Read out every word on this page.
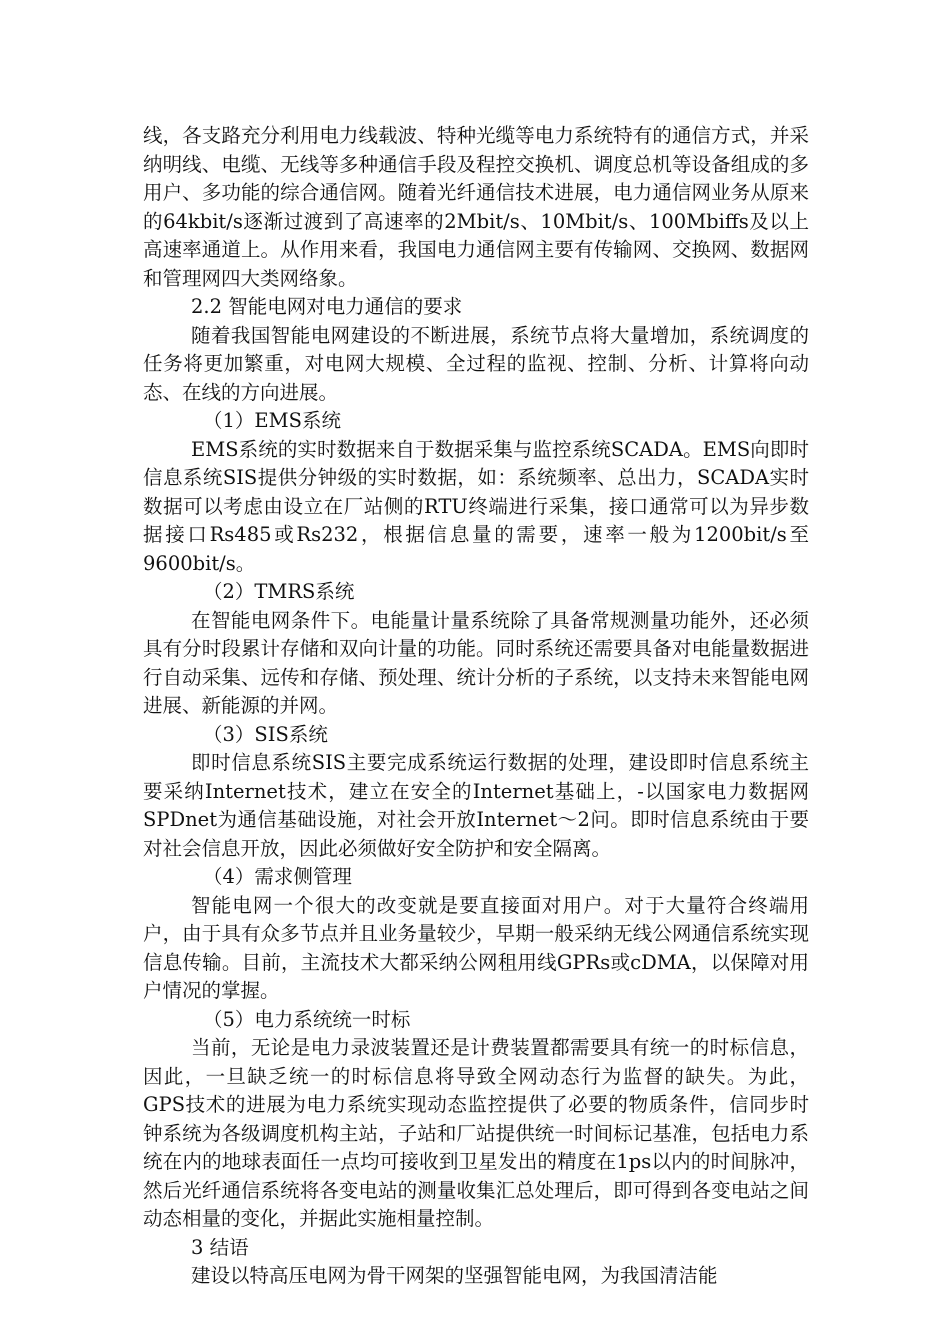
线，各支路充分利用电力线载波、特种光缆等电力系统特有的通信方式，并采纳明线、电缆、无线等多种通信手段及程控交换机、调度总机等设备组成的多用户、多功能的综合通信网。随着光纤通信技术进展，电力通信网业务从原来的64kbit/s逐渐过渡到了高速率的2Mbit/s、10Mbit/s、100Mbiffs及以上高速率通道上。从作用来看，我国电力通信网主要有传输网、交换网、数据网和管理网四大类网络象。

2.2 智能电网对电力通信的要求

随着我国智能电网建设的不断进展，系统节点将大量增加，系统调度的任务将更加繁重，对电网大规模、全过程的监视、控制、分析、计算将向动态、在线的方向进展。

（1）EMS系统

EMS系统的实时数据来自于数据采集与监控系统SCADA。EMS向即时信息系统SIS提供分钟级的实时数据，如：系统频率、总出力，SCADA实时数据可以考虑由设立在厂站侧的RTU终端进行采集，接口通常可以为异步数据接口Rs485或Rs232，根据信息量的需要，速率一般为1200bit/s至9600bit/s。

（2）TMRS系统

在智能电网条件下。电能量计量系统除了具备常规测量功能外，还必须具有分时段累计存储和双向计量的功能。同时系统还需要具备对电能量数据进行自动采集、远传和存储、预处理、统计分析的子系统，以支持未来智能电网进展、新能源的并网。

（3）SIS系统

即时信息系统SIS主要完成系统运行数据的处理，建设即时信息系统主要采纳Internet技术，建立在安全的Internet基础上，-以国家电力数据网SPDnet为通信基础设施，对社会开放Internet～2问。即时信息系统由于要对社会信息开放，因此必须做好安全防护和安全隔离。

（4）需求侧管理

智能电网一个很大的改变就是要直接面对用户。对于大量符合终端用户，由于具有众多节点并且业务量较少，早期一般采纳无线公网通信系统实现信息传输。目前，主流技术大都采纳公网租用线GPRs或cDMA，以保障对用户情况的掌握。

（5）电力系统统一时标

当前，无论是电力录波装置还是计费装置都需要具有统一的时标信息，因此，一旦缺乏统一的时标信息将导致全网动态行为监督的缺失。为此，GPS技术的进展为电力系统实现动态监控提供了必要的物质条件，信同步时钟系统为各级调度机构主站，子站和厂站提供统一时间标记基准，包括电力系统在内的地球表面任一点均可接收到卫星发出的精度在1ps以内的时间脉冲，然后光纤通信系统将各变电站的测量收集汇总处理后，即可得到各变电站之间动态相量的变化，并据此实施相量控制。

3 结语

建设以特高压电网为骨干网架的坚强智能电网，为我国清洁能
